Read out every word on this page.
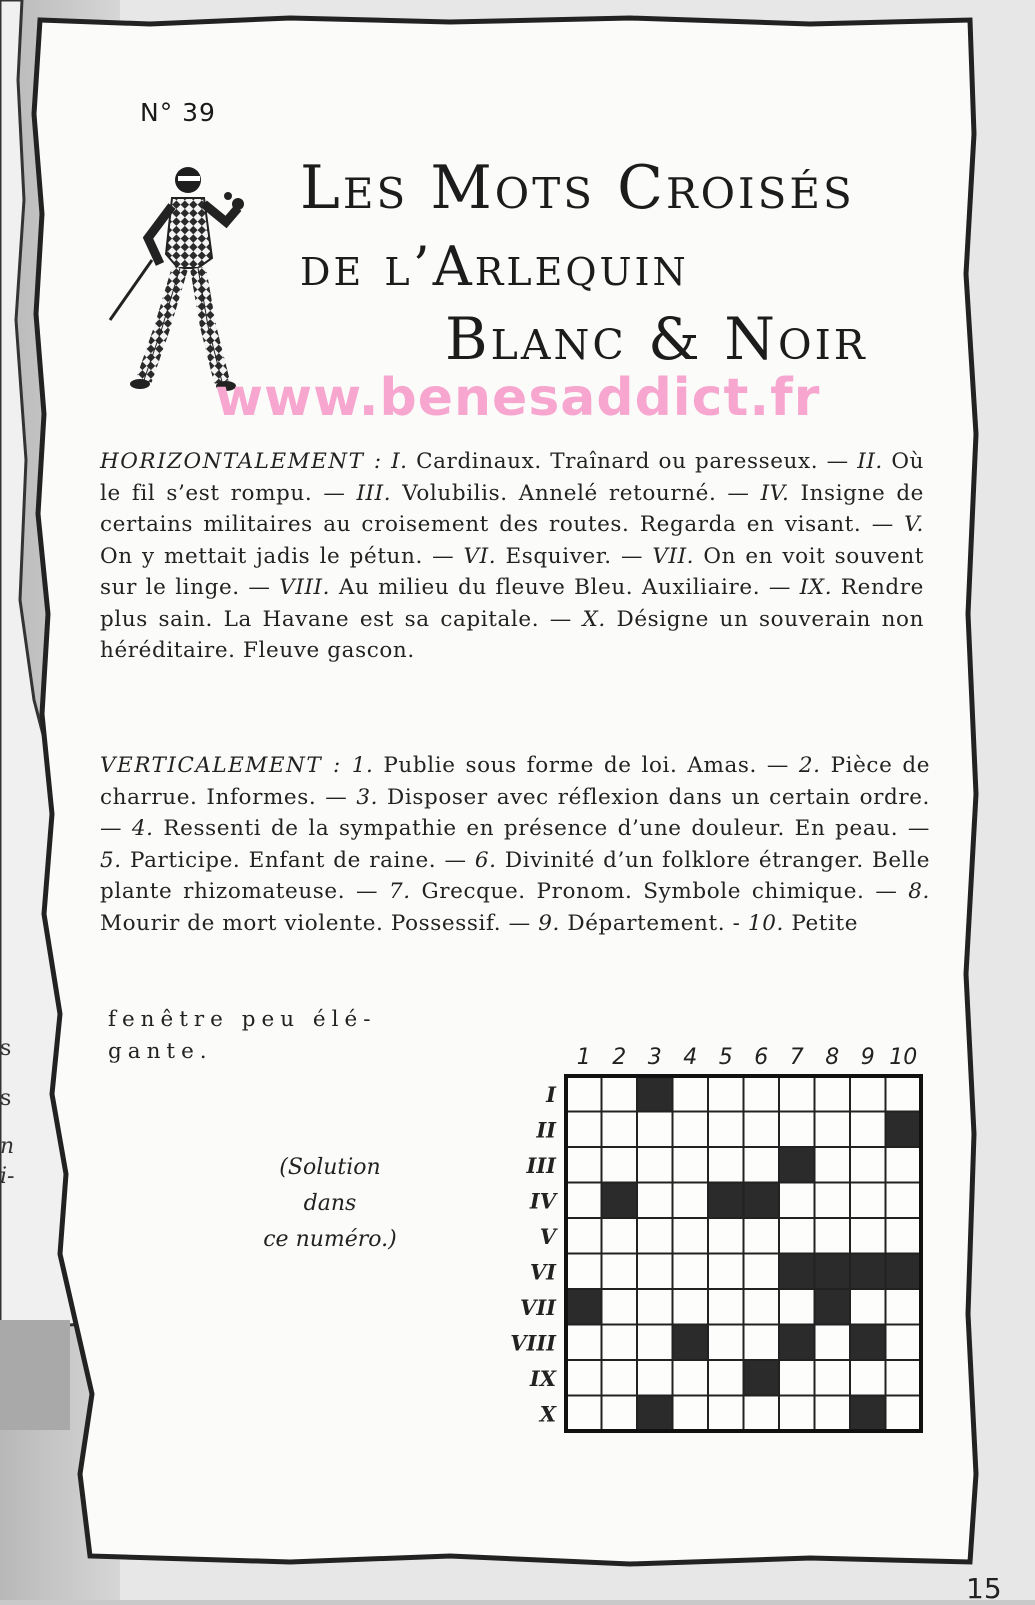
s
s
n
i-
N° 39
Les Mots Croisés
de l’Arlequin
Blanc & Noir
www.benesaddict.fr
HORIZONTALEMENT : I. Cardinaux. Traînard ou paresseux. — II. Où le fil s’est rompu. — III. Volubilis. Annelé retourné. — IV. Insigne de certains militaires au croisement des routes. Regarda en visant. — V. On y mettait jadis le pétun. — VI. Esquiver. — VII. On en voit souvent sur le linge. — VIII. Au milieu du fleuve Bleu. Auxiliaire. — IX. Rendre plus sain. La Havane est sa capitale. — X. Désigne un souverain non héréditaire. Fleuve gascon.
VERTICALEMENT : 1. Publie sous forme de loi. Amas. — 2. Pièce de charrue. Informes. — 3. Disposer avec réflexion dans un certain ordre. — 4. Ressenti de la sympathie en présence d’une douleur. En peau. — 5. Participe. Enfant de raine. — 6. Divinité d’un folklore étranger. Belle plante rhizomateuse. — 7. Grecque. Pronom. Symbole chimique. — 8. Mourir de mort violente. Possessif. — 9. Département. - 10. Petite
fenêtre peu élé-gante.
(Solution
dans
ce numéro.)
1 2 3 4 5 6 7 8 9 10
I
II
III
IV
V
VI
VII
VIII
IX
X
15
